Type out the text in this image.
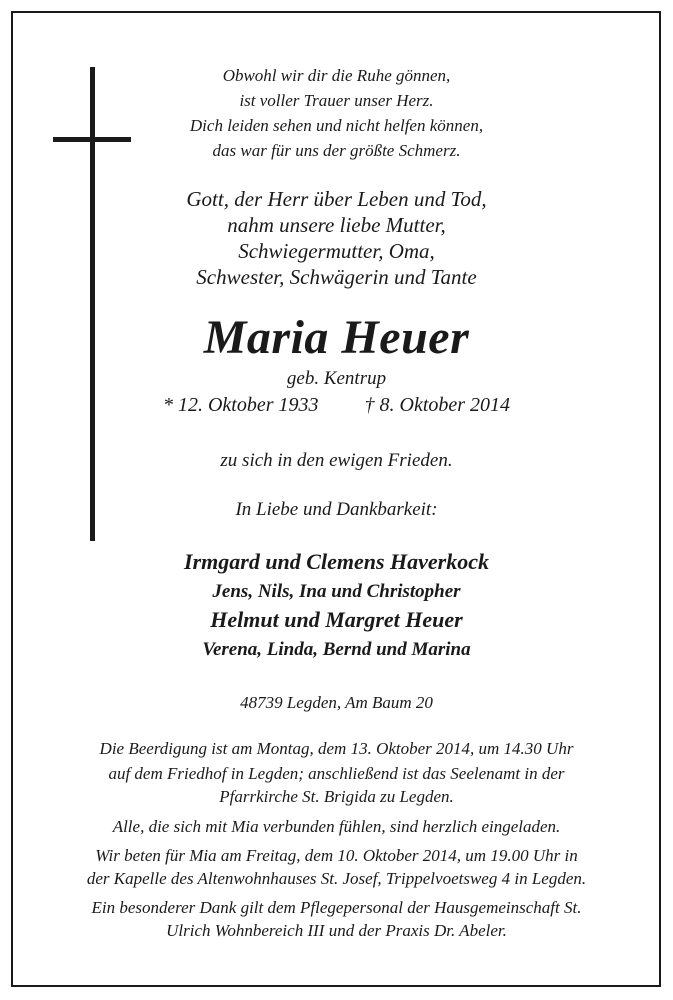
Obwohl wir dir die Ruhe gönnen,
ist voller Trauer unser Herz.
Dich leiden sehen und nicht helfen können,
das war für uns der größte Schmerz.
Gott, der Herr über Leben und Tod,
nahm unsere liebe Mutter,
Schwiegermutter, Oma,
Schwester, Schwägerin und Tante
Maria Heuer
geb. Kentrup
* 12. Oktober 1933 † 8. Oktober 2014
zu sich in den ewigen Frieden.
In Liebe und Dankbarkeit:
Irmgard und Clemens Haverkock
Jens, Nils, Ina und Christopher
Helmut und Margret Heuer
Verena, Linda, Bernd und Marina
48739 Legden, Am Baum 20
Die Beerdigung ist am Montag, dem 13. Oktober 2014, um 14.30 Uhr
auf dem Friedhof in Legden; anschließend ist das Seelenamt in der
Pfarrkirche St. Brigida zu Legden.
Alle, die sich mit Mia verbunden fühlen, sind herzlich eingeladen.
Wir beten für Mia am Freitag, dem 10. Oktober 2014, um 19.00 Uhr in
der Kapelle des Altenwohnhauses St. Josef, Trippelvoetsweg 4 in Legden.
Ein besonderer Dank gilt dem Pflegepersonal der Hausgemeinschaft St.
Ulrich Wohnbereich III und der Praxis Dr. Abeler.
